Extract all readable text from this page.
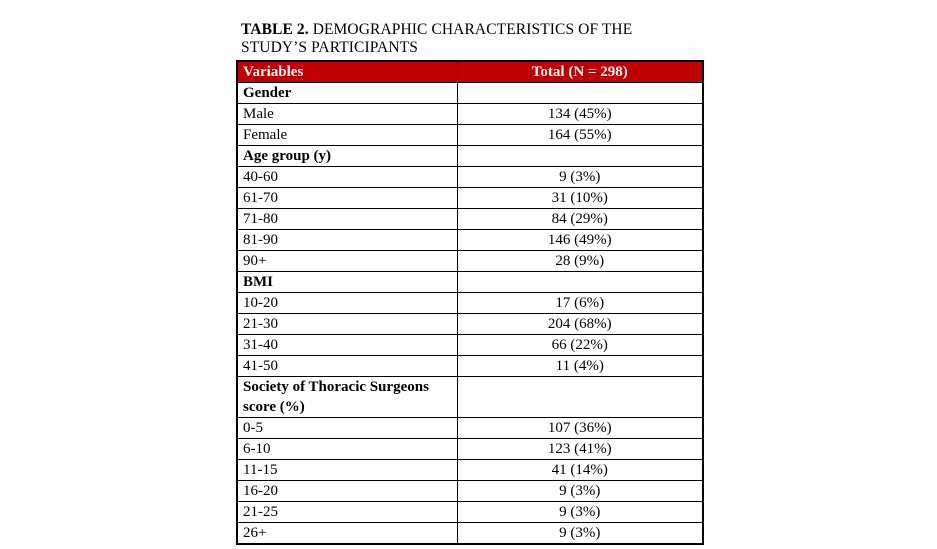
TABLE 2. DEMOGRAPHIC CHARACTERISTICS OF THE STUDY’S PARTICIPANTS

Variables	Total (N = 298)
Gender	
Male	134 (45%)
Female	164 (55%)
Age group (y)	
40-60	9 (3%)
61-70	31 (10%)
71-80	84 (29%)
81-90	146 (49%)
90+	28 (9%)
BMI	
10-20	17 (6%)
21-30	204 (68%)
31-40	66 (22%)
41-50	11 (4%)
Society of Thoracic Surgeons score (%)	
0-5	107 (36%)
6-10	123 (41%)
11-15	41 (14%)
16-20	9 (3%)
21-25	9 (3%)
26+	9 (3%)
